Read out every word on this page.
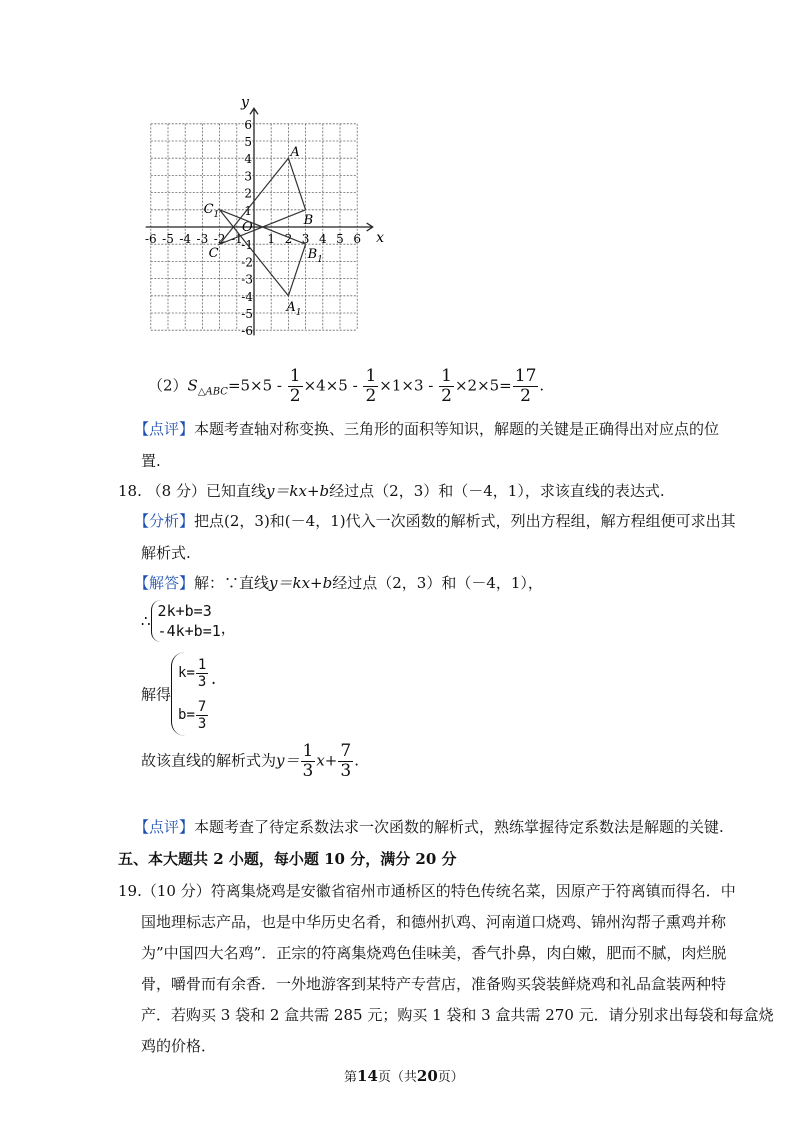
-6 -5 -4 -3 -2 -1 1 2 3 4 5 6
6
5
4
3
2
1
-1
-2
-3
-4
-5
-6
O
x
y
A
B
C
$A_1$
$B_1$
$C_1$
$(2)S_{\triangle ABC}=5\times 5 - \frac{1}{2} \times 4\times 5 - \frac{1}{2} \times 1\times 3 - \frac{1}{2} \times 2\times 5= \frac{17}{2}$ .
【点评】本题考查轴对称变换、三角形的面积等知识，解题的关键是正确得出对应点的位
置.
18. （8 分）已知直线y＝kx+b经过点（2，3）和（－4，1），求该直线的表达式.
【分析】把点(2，3)和(－4，1)代入一次函数的解析式，列出方程组，解方程组便可求出其
解析式.
【解答】解：∵直线y＝kx+b经过点（2，3）和（－4，1），
∴
2k+b=3
-4k+b=1 ，
解得
$k= \frac{1}{3}$ .
$b= \frac{7}{3}$
故该直线的解析式为$y= \frac{1}{3} x+ \frac{7}{3}$ .
【点评】本题考查了待定系数法求一次函数的解析式，熟练掌握待定系数法是解题的关键.
五、本大题共 2 小题，每小题 10 分，满分 20 分
19.（10 分）符离集烧鸡是安徽省宿州市通桥区的特色传统名菜，因原产于符离镇而得名．中
国地理标志产品，也是中华历史名肴，和德州扒鸡、河南道口烧鸡、锦州沟帮子熏鸡并称
为”中国四大名鸡”．正宗的符离集烧鸡色佳味美，香气扑鼻，肉白嫩，肥而不腻，肉烂脱
骨，嚼骨而有余香．一外地游客到某特产专营店，准备购买袋装鲜烧鸡和礼品盒装两种特
产．若购买 3 袋和 2 盒共需 285 元；购买 1 袋和 3 盒共需 270 元．请分别求出每袋和每盒烧
鸡的价格．
第14页（共20页）
